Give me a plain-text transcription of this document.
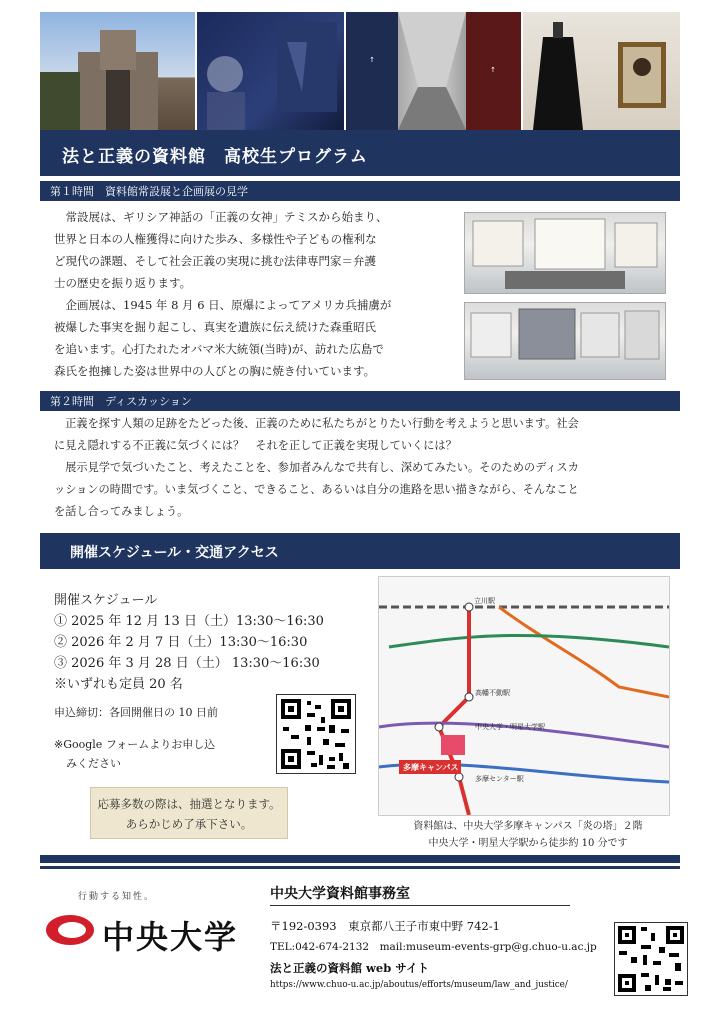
↑
↑
法と正義の資料館　高校生プログラム
第１時間　資料館常設展と企画展の見学
常設展は、ギリシア神話の「正義の女神」テミスから始まり、
世界と日本の人権獲得に向けた歩み、多様性や子どもの権利な
ど現代の課題、そして社会正義の実現に挑む法律専門家＝弁護
士の歴史を振り返ります。
企画展は、1945 年 8 月 6 日、原爆によってアメリカ兵捕虜が
被爆した事実を掘り起こし、真実を遺族に伝え続けた森重昭氏
を追います。心打たれたオバマ米大統領(当時)が、訪れた広島で
森氏を抱擁した姿は世界中の人びとの胸に焼き付いています。
第２時間　ディスカッション
正義を探す人類の足跡をたどった後、正義のために私たちがとりたい行動を考えようと思います。社会
に見え隠れする不正義に気づくには？　それを正して正義を実現していくには？
展示見学で気づいたこと、考えたことを、参加者みんなで共有し、深めてみたい。そのためのディスカ
ッションの時間です。いま気づくこと、できること、あるいは自分の進路を思い描きながら、そんなこと
を話し合ってみましょう。
開催スケジュール・交通アクセス
開催スケジュール
① 2025 年 12 月 13 日（土）13:30～16:30
② 2026 年 2 月 7 日（土）13:30～16:30
③ 2026 年 3 月 28 日（土） 13:30～16:30
※いずれも定員 20 名
申込締切：各回開催日の 10 日前
※Google フォームよりお申し込
みください
応募多数の際は、抽選となります。
あらかじめ了承下さい。
立川駅
中央大学・明星大学駅
多摩センター駅
高幡不動駅
多摩キャンパス
資料館は、中央大学多摩キャンパス「炎の塔」２階
中央大学・明星大学駅から徒歩約 10 分です
行動する知性。
中央大学
中央大学資料館事務室
〒192-0393　東京都八王子市東中野 742-1
TEL:042-674-2132　mail:museum-events-grp@g.chuo-u.ac.jp
法と正義の資料館 web サイト
https://www.chuo-u.ac.jp/aboutus/efforts/museum/law_and_justice/
